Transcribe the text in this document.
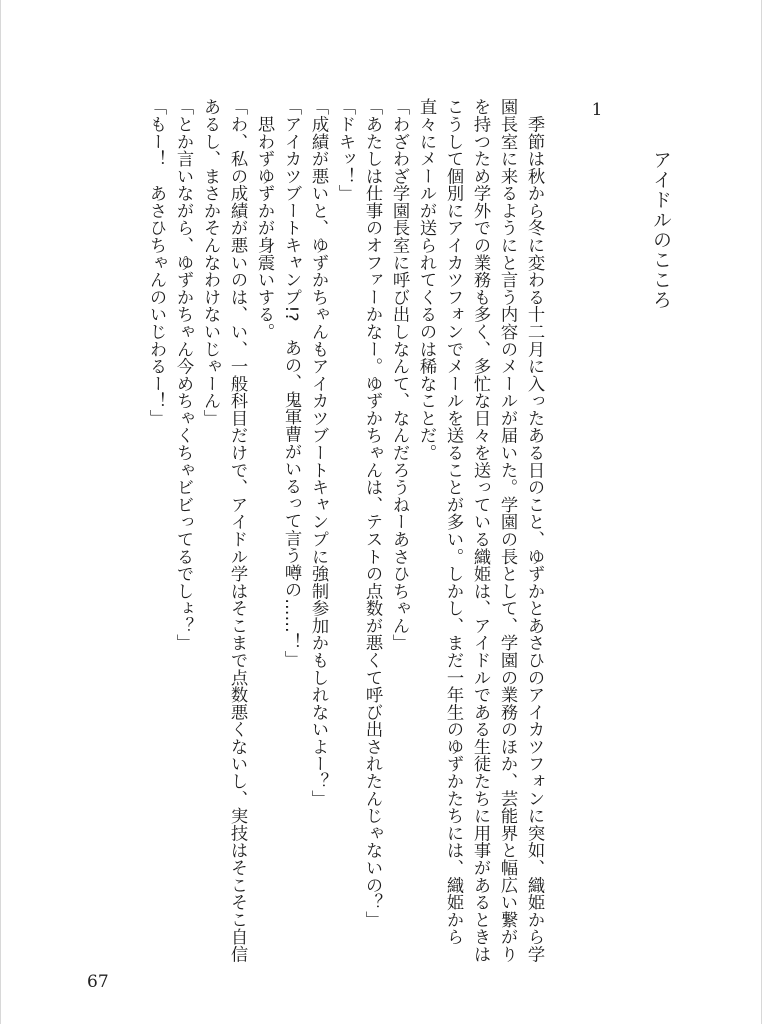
1
アイドルのこころ
　季節は秋から冬に変わる十二月に入ったある日のこと、ゆずかとあさひのアイカツフォンに突如、織姫から学
園長室に来るようにと言う内容のメールが届いた。学園の長として、学園の業務のほか、芸能界と幅広い繋がり
を持つため学外での業務も多く、多忙な日々を送っている織姫は、アイドルである生徒たちに用事があるときは
こうして個別にアイカツフォンでメールを送ることが多い。しかし、まだ一年生のゆずかたちには、織姫から
直々にメールが送られてくるのは稀なことだ。
「わざわざ学園長室に呼び出しなんて、なんだろうねーあさひちゃん」
「あたしは仕事のオファーかなー。ゆずかちゃんは、テストの点数が悪くて呼び出されたんじゃないの？」
「ドキッ！」
「成績が悪いと、ゆずかちゃんもアイカツブートキャンプに強制参加かもしれないよー？」
「アイカツブートキャンプ!?　あの、鬼軍曹がいるって言う噂の……！」
　思わずゆずかが身震いする。
「わ、私の成績が悪いのは、い、一般科目だけで、アイドル学はそこまで点数悪くないし、実技はそこそこ自信
あるし、まさかそんなわけないじゃーん」
「とか言いながら、ゆずかちゃん今めちゃくちゃビビってるでしょ？」
「もー！　あさひちゃんのいじわるー！」
67
